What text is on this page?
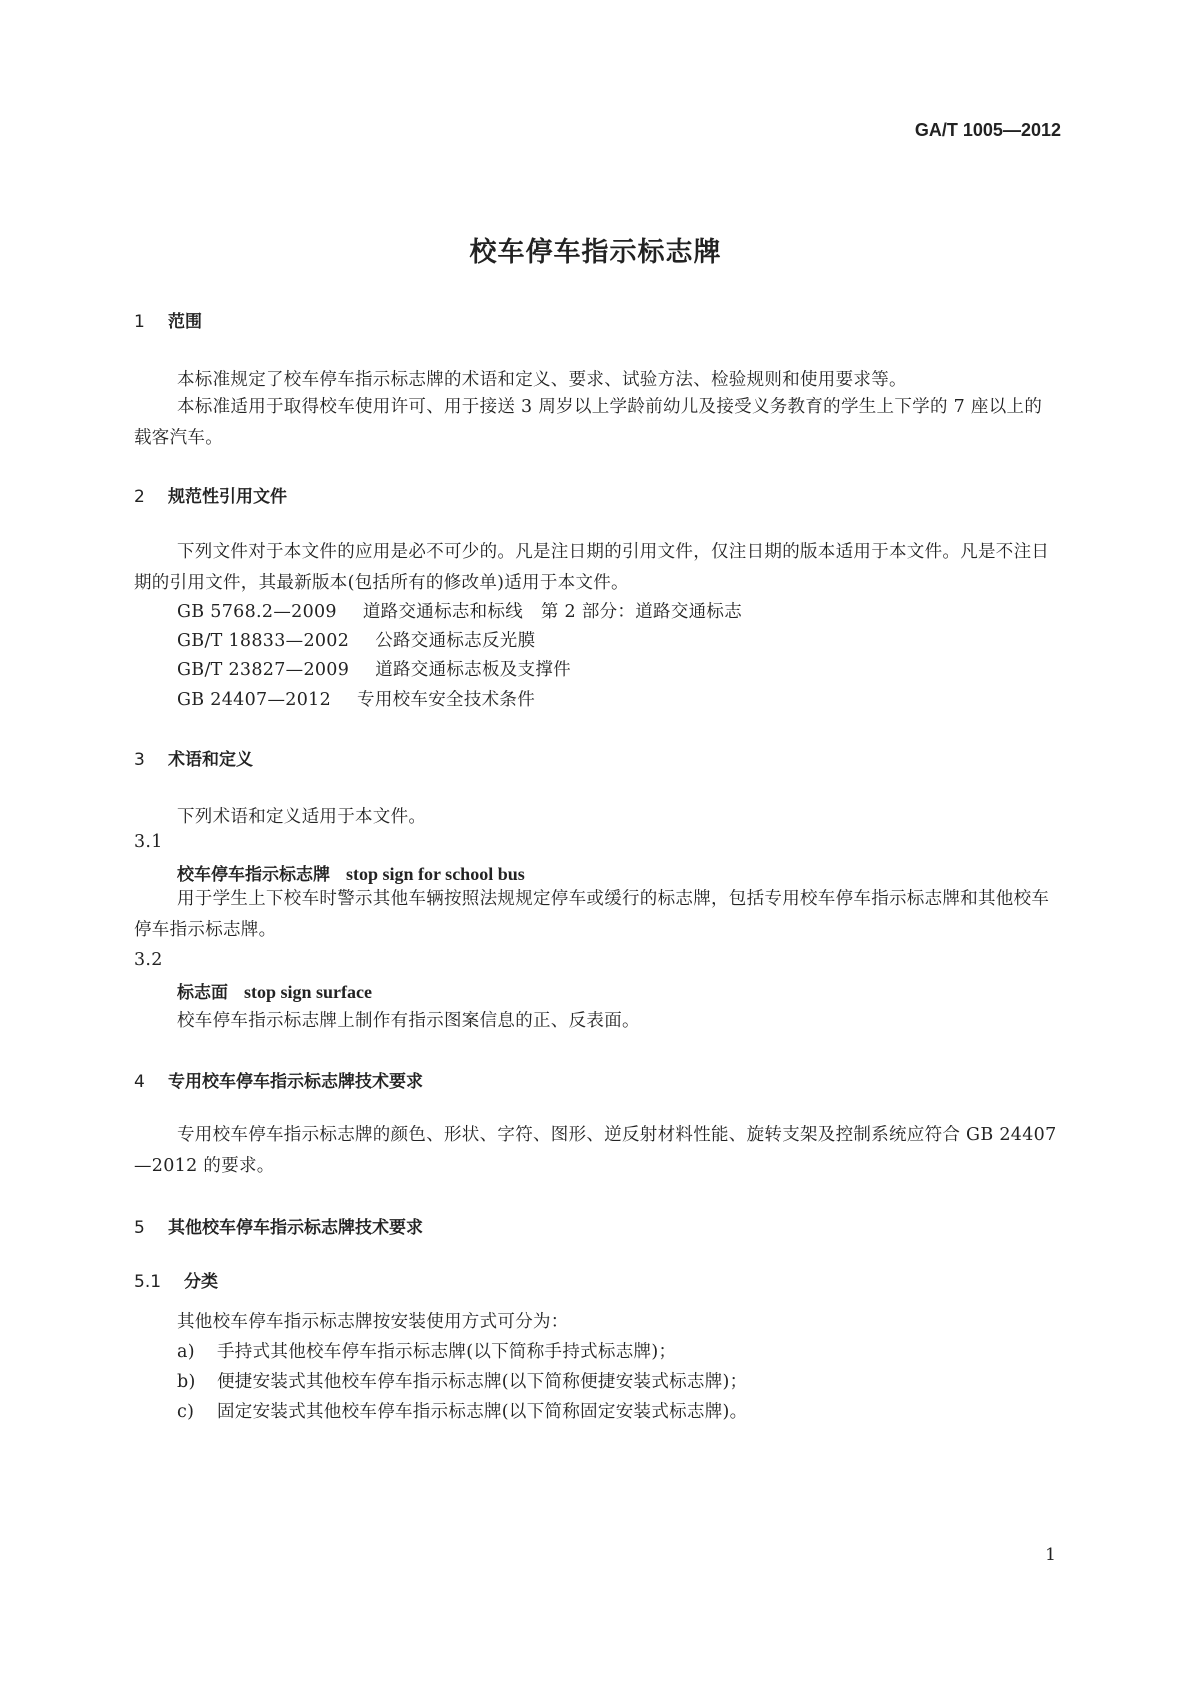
GA/T 1005—2012
校车停车指示标志牌
1 范围
本标准规定了校车停车指示标志牌的术语和定义、要求、试验方法、检验规则和使用要求等。
本标准适用于取得校车使用许可、用于接送 3 周岁以上学龄前幼儿及接受义务教育的学生上下学的 7 座以上的载客汽车。
2 规范性引用文件
下列文件对于本文件的应用是必不可少的。凡是注日期的引用文件，仅注日期的版本适用于本文件。凡是不注日期的引用文件，其最新版本(包括所有的修改单)适用于本文件。
GB 5768.2—2009 道路交通标志和标线　第 2 部分：道路交通标志
GB/T 18833—2002 公路交通标志反光膜
GB/T 23827—2009 道路交通标志板及支撑件
GB 24407—2012 专用校车安全技术条件
3 术语和定义
下列术语和定义适用于本文件。
3.1
校车停车指示标志牌 stop sign for school bus
用于学生上下校车时警示其他车辆按照法规规定停车或缓行的标志牌，包括专用校车停车指示标志牌和其他校车停车指示标志牌。
3.2
标志面 stop sign surface
校车停车指示标志牌上制作有指示图案信息的正、反表面。
4 专用校车停车指示标志牌技术要求
专用校车停车指示标志牌的颜色、形状、字符、图形、逆反射材料性能、旋转支架及控制系统应符合 GB 24407—2012 的要求。
5 其他校车停车指示标志牌技术要求
5.1 分类
其他校车停车指示标志牌按安装使用方式可分为：
a) 手持式其他校车停车指示标志牌(以下简称手持式标志牌)；
b) 便捷安装式其他校车停车指示标志牌(以下简称便捷安装式标志牌)；
c) 固定安装式其他校车停车指示标志牌(以下简称固定安装式标志牌)。
1
